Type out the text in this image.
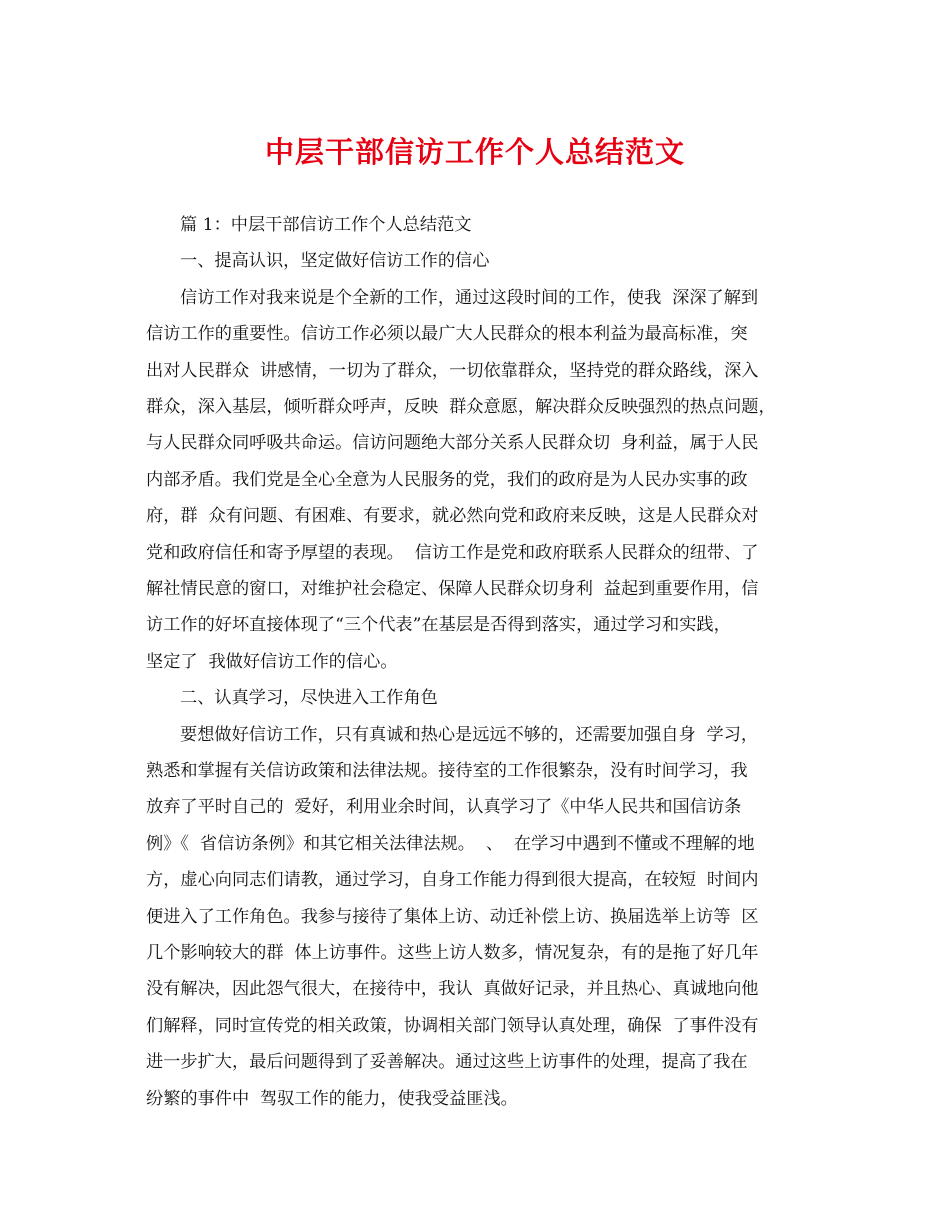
中层干部信访工作个人总结范文
篇 1：中层干部信访工作个人总结范文
一、提高认识，坚定做好信访工作的信心
信访工作对我来说是个全新的工作，通过这段时间的工作，使我  深深了解到
信访工作的重要性。信访工作必须以最广大人民群众的根本利益为最高标准，突
出对人民群众  讲感情，一切为了群众，一切依靠群众，坚持党的群众路线，深入
群众，深入基层，倾听群众呼声，反映  群众意愿，解决群众反映强烈的热点问题，
与人民群众同呼吸共命运。信访问题绝大部分关系人民群众切  身利益，属于人民
内部矛盾。我们党是全心全意为人民服务的党，我们的政府是为人民办实事的政
府，群  众有问题、有困难、有要求，就必然向党和政府来反映，这是人民群众对
党和政府信任和寄予厚望的表现。  信访工作是党和政府联系人民群众的纽带、了
解社情民意的窗口，对维护社会稳定、保障人民群众切身利  益起到重要作用，信
访工作的好坏直接体现了“三个代表”在基层是否得到落实，通过学习和实践，
坚定了  我做好信访工作的信心。
二、认真学习，尽快进入工作角色
要想做好信访工作，只有真诚和热心是远远不够的，还需要加强自身  学习，
熟悉和掌握有关信访政策和法律法规。接待室的工作很繁杂，没有时间学习，我
放弃了平时自己的  爱好，利用业余时间，认真学习了《中华人民共和国信访条
例》《  省信访条例》和其它相关法律法规。  、  在学习中遇到不懂或不理解的地
方，虚心向同志们请教，通过学习，自身工作能力得到很大提高，在较短  时间内
便进入了工作角色。我参与接待了集体上访、动迁补偿上访、换届选举上访等  区
几个影响较大的群  体上访事件。这些上访人数多，情况复杂，有的是拖了好几年
没有解决，因此怨气很大，在接待中，我认  真做好记录，并且热心、真诚地向他
们解释，同时宣传党的相关政策，协调相关部门领导认真处理，确保  了事件没有
进一步扩大，最后问题得到了妥善解决。通过这些上访事件的处理，提高了我在
纷繁的事件中  驾驭工作的能力，使我受益匪浅。
